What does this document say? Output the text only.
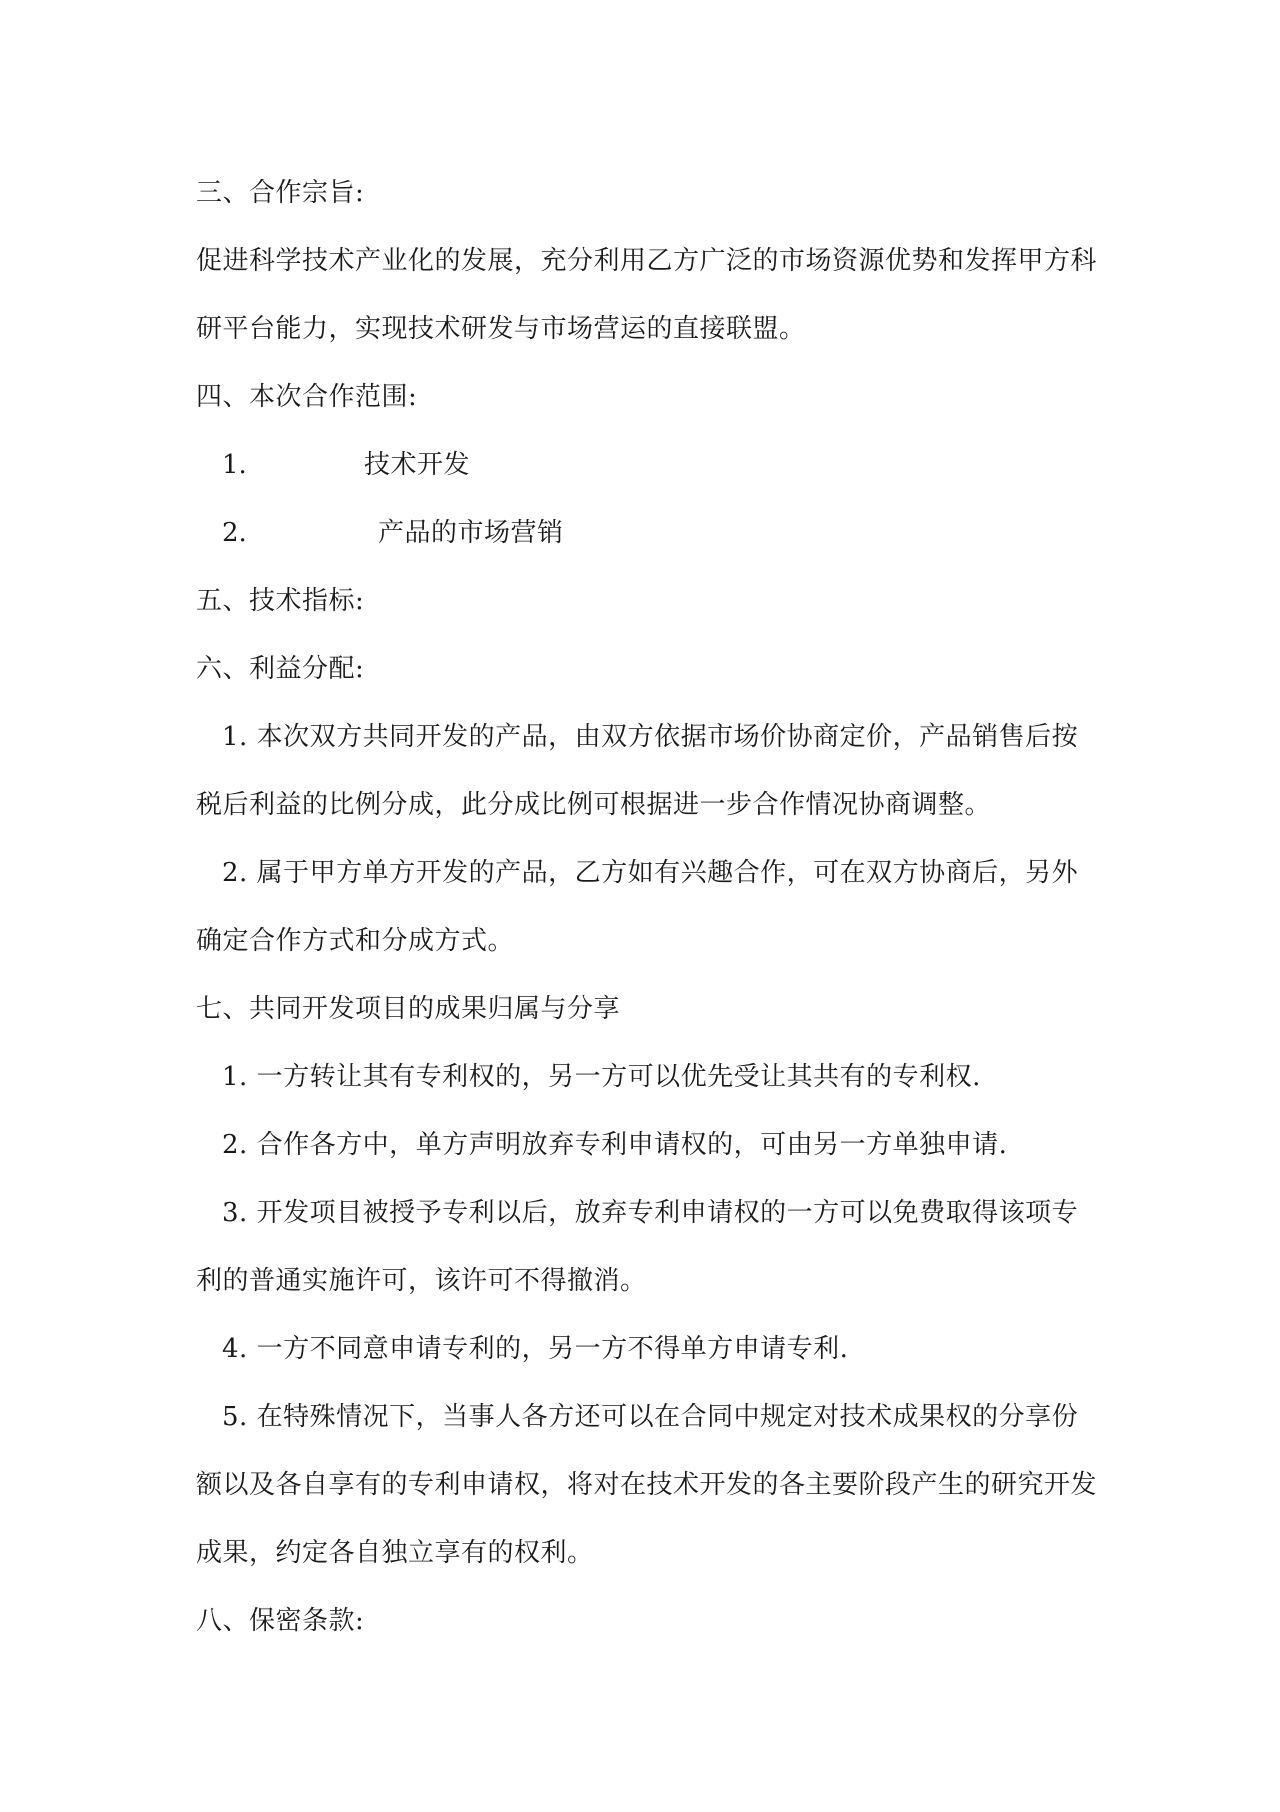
三、合作宗旨:
促进科学技术产业化的发展，充分利用乙方广泛的市场资源优势和发挥甲方科
研平台能力，实现技术研发与市场营运的直接联盟。
四、本次合作范围:
1.	技术开发
2.	产品的市场营销
五、技术指标:
六、利益分配:
1. 本次双方共同开发的产品，由双方依据市场价协商定价，产品销售后按
税后利益的比例分成，此分成比例可根据进一步合作情况协商调整。
2. 属于甲方单方开发的产品，乙方如有兴趣合作，可在双方协商后，另外
确定合作方式和分成方式。
七、共同开发项目的成果归属与分享
1. 一方转让其有专利权的，另一方可以优先受让其共有的专利权.
2. 合作各方中，单方声明放弃专利申请权的，可由另一方单独申请.
3. 开发项目被授予专利以后，放弃专利申请权的一方可以免费取得该项专
利的普通实施许可，该许可不得撤消。
4. 一方不同意申请专利的，另一方不得单方申请专利.
5. 在特殊情况下，当事人各方还可以在合同中规定对技术成果权的分享份
额以及各自享有的专利申请权，将对在技术开发的各主要阶段产生的研究开发
成果，约定各自独立享有的权利。
八、保密条款:
